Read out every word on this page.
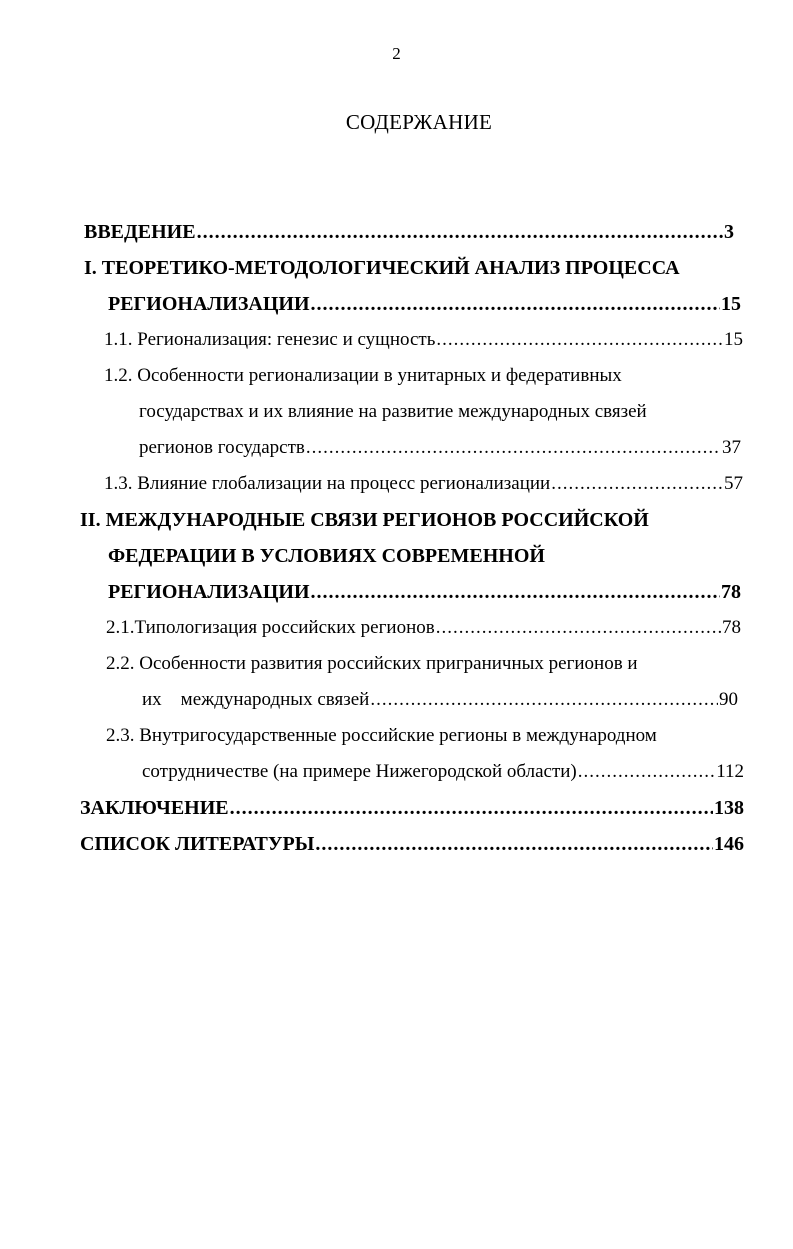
2
СОДЕРЖАНИЕ
ВВЕДЕНИЕ .....	3
I. ТЕОРЕТИКО-МЕТОДОЛОГИЧЕСКИЙ АНАЛИЗ ПРОЦЕССА
РЕГИОНАЛИЗАЦИИ .....	15
1.1. Регионализация: генезис и сущность .....	15
1.2. Особенности регионализации в унитарных и федеративных
государствах и их влияние на развитие международных связей
регионов государств .....	37
1.3. Влияние глобализации на процесс регионализации .....	57
II. МЕЖДУНАРОДНЫЕ СВЯЗИ РЕГИОНОВ РОССИЙСКОЙ
ФЕДЕРАЦИИ В УСЛОВИЯХ СОВРЕМЕННОЙ
РЕГИОНАЛИЗАЦИИ .....	78
2.1.Типологизация российских регионов .....	78
2.2. Особенности развития российских приграничных регионов и
их    международных связей .....	90
2.3. Внутригосударственные российские регионы в международном
сотрудничестве (на примере Нижегородской области) .....	112
ЗАКЛЮЧЕНИЕ .....	138
СПИСОК ЛИТЕРАТУРЫ .....	146
